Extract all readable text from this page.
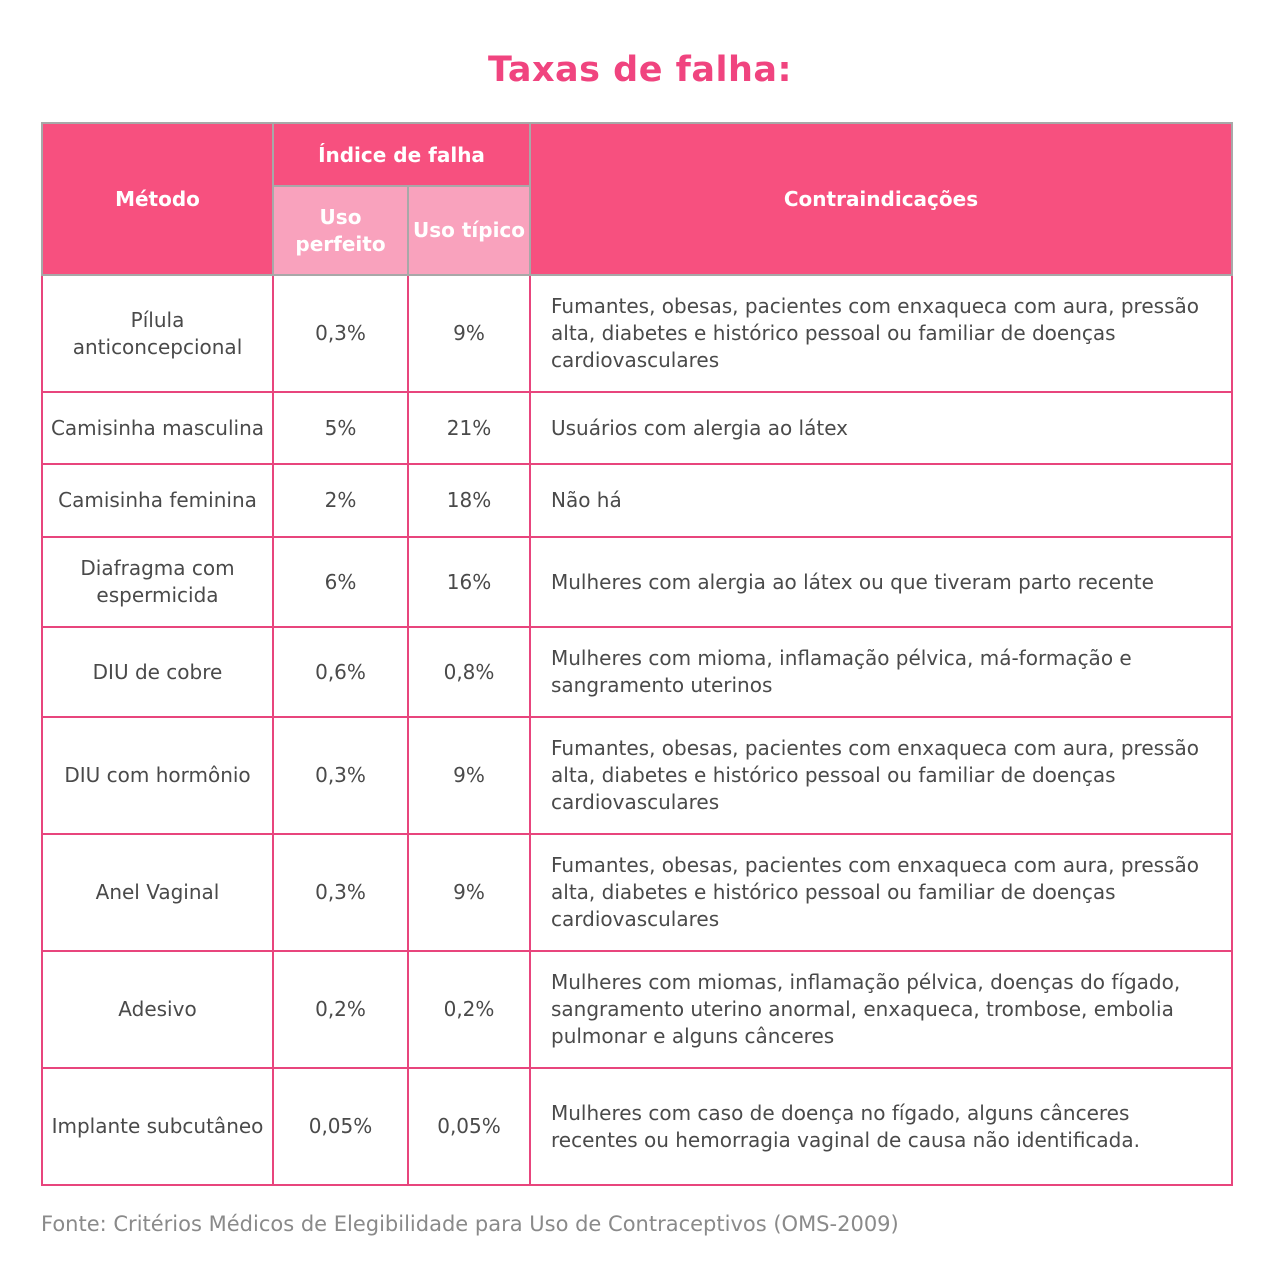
Taxas de falha:
Método	Índice de falha		Contraindicações
	Uso perfeito	Uso típico	
Pílula anticoncepcional	0,3%	9%	Fumantes, obesas, pacientes com enxaqueca com aura, pressão alta, diabetes e histórico pessoal ou familiar de doenças cardiovasculares
Camisinha masculina	5%	21%	Usuários com alergia ao látex
Camisinha feminina	2%	18%	Não há
Diafragma com espermicida	6%	16%	Mulheres com alergia ao látex ou que tiveram parto recente
DIU de cobre	0,6%	0,8%	Mulheres com mioma, inflamação pélvica, má-formação e sangramento uterinos
DIU com hormônio	0,3%	9%	Fumantes, obesas, pacientes com enxaqueca com aura, pressão alta, diabetes e histórico pessoal ou familiar de doenças cardiovasculares
Anel Vaginal	0,3%	9%	Fumantes, obesas, pacientes com enxaqueca com aura, pressão alta, diabetes e histórico pessoal ou familiar de doenças cardiovasculares
Adesivo	0,2%	0,2%	Mulheres com miomas, inflamação pélvica, doenças do fígado, sangramento uterino anormal, enxaqueca, trombose, embolia pulmonar e alguns cânceres
Implante subcutâneo	0,05%	0,05%	Mulheres com caso de doença no fígado, alguns cânceres recentes ou hemorragia vaginal de causa não identificada.
Fonte: Critérios Médicos de Elegibilidade para Uso de Contraceptivos (OMS-2009)
